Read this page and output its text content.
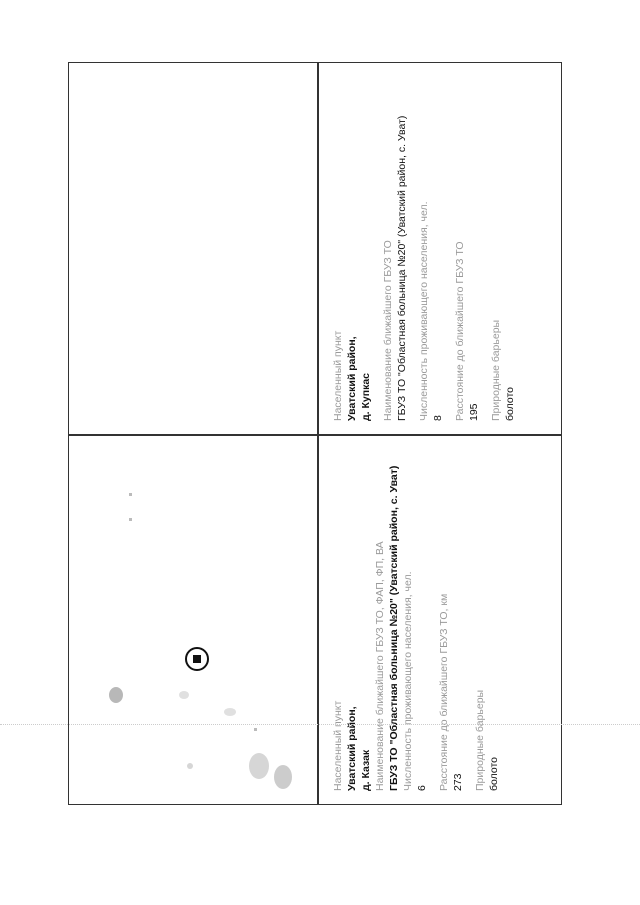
Населенный пункт Уватский район, д. Купкас Наименование ближайшего ГБУЗ ТО ГБУЗ ТО "Областная больница №20" (Уватский район, с. Уват) Численность проживающего населения, чел. 8 Расстояние до ближайшего ГБУЗ ТО 195 Природные барьеры болото
Населенный пункт Уватский район, д. Казак Наименование ближайшего ГБУЗ ТО, ФАП, ФП, ВА ГБУЗ ТО "Областная больница №20" (Уватский район, с. Уват) Численность проживающего населения, чел. 6 Расстояние до ближайшего ГБУЗ ТО, км 273 Природные барьеры болото
